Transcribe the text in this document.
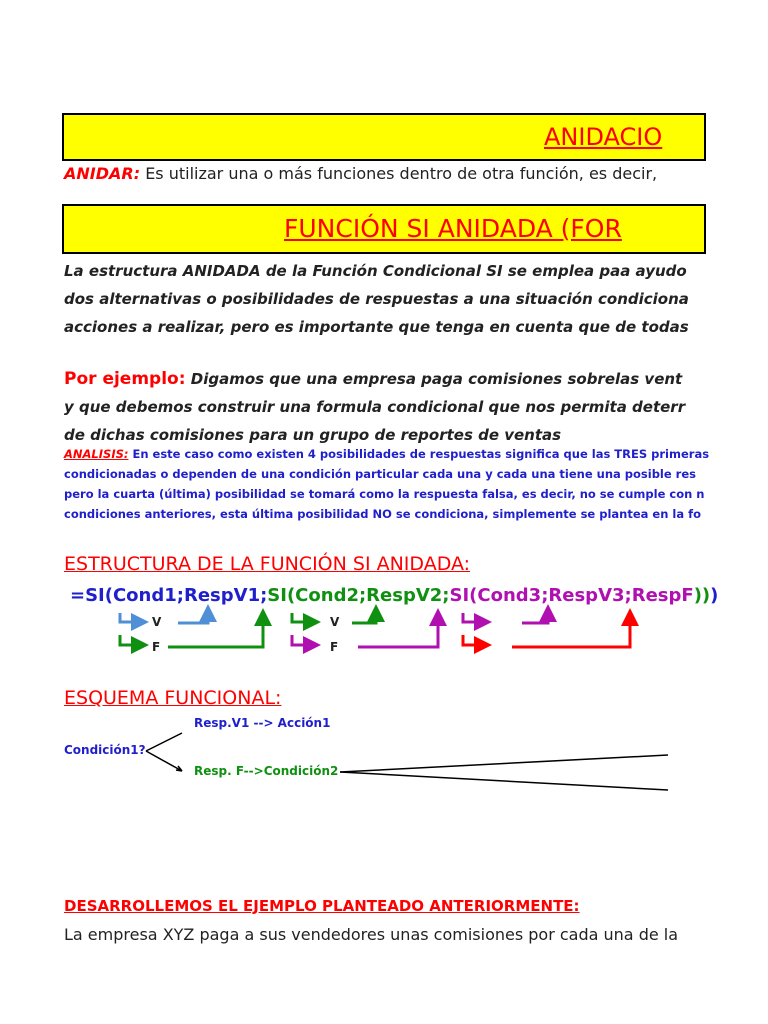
ANIDACIO
ANIDAR: Es utilizar una o más funciones dentro de otra función, es decir,
FUNCIÓN SI ANIDADA (FOR
La estructura ANIDADA de la Función Condicional SI se emplea paa ayudo
dos alternativas o posibilidades de respuestas a una situación condiciona
acciones a realizar, pero es importante que tenga en cuenta que de todas
Por ejemplo: Digamos que una empresa paga comisiones sobrelas vent
y que debemos construir una formula condicional que nos permita deterr
de dichas comisiones para un grupo de reportes de ventas
ANALISIS: En este caso como existen 4 posibilidades de respuestas significa que las TRES primeras
condicionadas o dependen de una condición particular cada una y cada una tiene una posible res
pero la cuarta (última) posibilidad se tomará como la respuesta falsa, es decir, no se cumple con n
condiciones anteriores, esta última posibilidad NO se condiciona, simplemente se plantea en la fo
ESTRUCTURA DE LA FUNCIÓN SI ANIDADA:
=SI(Cond1;RespV1;SI(Cond2;RespV2;SI(Cond3;RespV3;RespF)))
V
F
V
F
ESQUEMA FUNCIONAL:
Condición1?
Resp.V1 --> Acción1
Resp. F-->Condición2
DESARROLLEMOS EL EJEMPLO PLANTEADO ANTERIORMENTE:
La empresa XYZ paga a sus vendedores unas comisiones por cada una de la
